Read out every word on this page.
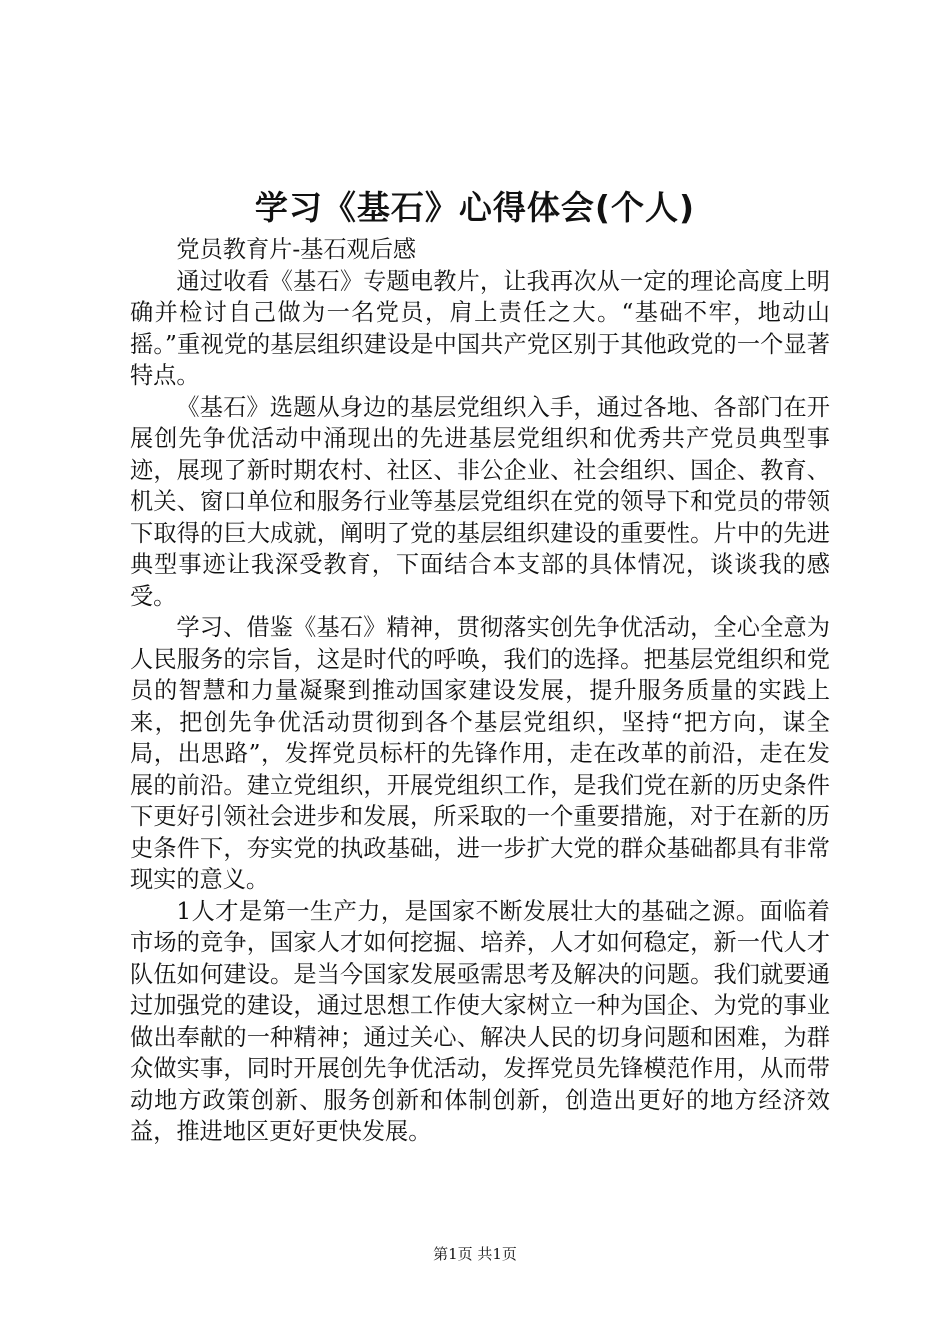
学习《基石》心得体会(个人)
党员教育片-基石观后感

通过收看《基石》专题电教片，让我再次从一定的理论高度上明确并检讨自己做为一名党员，肩上责任之大。“基础不牢，地动山摇。”重视党的基层组织建设是中国共产党区别于其他政党的一个显著特点。

《基石》选题从身边的基层党组织入手，通过各地、各部门在开展创先争优活动中涌现出的先进基层党组织和优秀共产党员典型事迹，展现了新时期农村、社区、非公企业、社会组织、国企、教育、机关、窗口单位和服务行业等基层党组织在党的领导下和党员的带领下取得的巨大成就，阐明了党的基层组织建设的重要性。片中的先进典型事迹让我深受教育，下面结合本支部的具体情况，谈谈我的感受。

学习、借鉴《基石》精神，贯彻落实创先争优活动，全心全意为人民服务的宗旨，这是时代的呼唤，我们的选择。把基层党组织和党员的智慧和力量凝聚到推动国家建设发展，提升服务质量的实践上来，把创先争优活动贯彻到各个基层党组织，坚持“把方向，谋全局，出思路”，发挥党员标杆的先锋作用，走在改革的前沿，走在发展的前沿。建立党组织，开展党组织工作，是我们党在新的历史条件下更好引领社会进步和发展，所采取的一个重要措施，对于在新的历史条件下，夯实党的执政基础，进一步扩大党的群众基础都具有非常现实的意义。

1人才是第一生产力，是国家不断发展壮大的基础之源。面临着市场的竞争，国家人才如何挖掘、培养，人才如何稳定，新一代人才队伍如何建设。是当今国家发展亟需思考及解决的问题。我们就要通过加强党的建设，通过思想工作使大家树立一种为国企、为党的事业做出奉献的一种精神；通过关心、解决人民的切身问题和困难，为群众做实事，同时开展创先争优活动，发挥党员先锋模范作用，从而带动地方政策创新、服务创新和体制创新，创造出更好的地方经济效益，推进地区更好更快发展。

第1页 共1页
